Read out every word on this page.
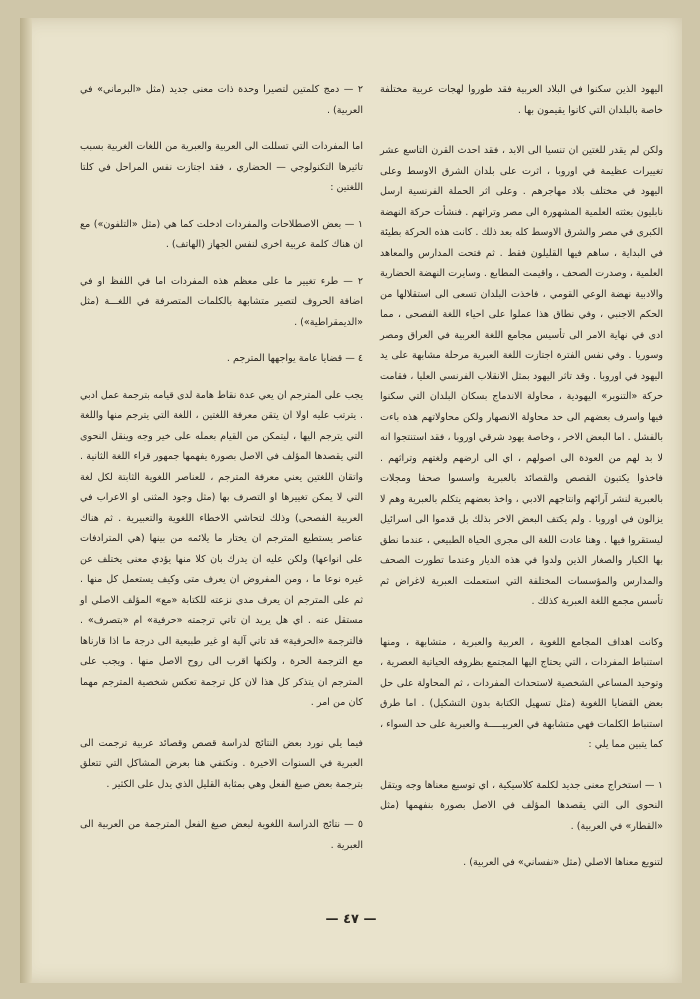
اليهود الذين سكنوا في البلاد العربية فقد طوروا لهجات عربية مختلفة خاصة بالبلدان التي كانوا يقيمون بها .

ولكن لم يقدر للغتين ان تنسيا الى الابد ، فقد احدث القرن التاسع عشر تغييرات عظيمة في اوروبا ، اثرت على بلدان الشرق الاوسط وعلى اليهود في مختلف بلاد مهاجرهم . وعلى اثر الحملة الفرنسية ارسل نابليون بعثته العلمية المشهورة الى مصر وتراثهم . فنشأت حركة النهضة الكبرى في مصر والشرق الاوسط كله بعد ذلك . كانت هذه الحركة بطيئة في البداية ، ساهم فيها القليلون فقط . ثم فتحت المدارس والمعاهد العلمية ، وصدرت الصحف ، واقيمت المطابع . وسايرت النهضة الحضارية والادبية نهضة الوعي القومي ، فاخذت البلدان تسعى الى استقلالها من الحكم الاجنبي ، وفي نطاق هذا عملوا على احياء اللغة الفصحى ، مما ادى في نهاية الامر الى تأسيس مجامع اللغة العربية في العراق ومصر وسوريا . وفي نفس الفترة اجتازت اللغة العبرية مرحلة مشابهة على يد اليهود في اوروبا . وقد تاثر اليهود بمثل الانقلاب الفرنسي العليا ، فقامت حركة «التنوير» اليهودية ، محاولة الاندماج بسكان البلدان التي سكنوا فيها واسرف بعضهم الى حد محاولة الانصهار ولكن محاولاتهم هذه باءت بالفشل . اما البعض الاخر ، وخاصة يهود شرقي اوروبا ، فقد استنتجوا انه لا بد لهم من العودة الى اصولهم ، اي الى ارضهم ولغتهم وتراثهم . فاخذوا يكتبون القصص والقصائد بالعبرية واسسوا صحفا ومجلات بالعبرية لنشر آرائهم وانتاجهم الادبي ، واخذ بعضهم يتكلم بالعبرية وهم لا يزالون في اوروبا . ولم يكتف البعض الاخر بذلك بل قدموا الى اسرائيل ليستقروا فيها . وهنا عادت اللغة الى مجرى الحياة الطبيعي ، عندما نطق بها الكبار والصغار الذين ولدوا في هذه الديار وعندما تطورت الصحف والمدارس والمؤسسات المختلفة التي استعملت العبرية لاغراض ثم تأسس مجمع اللغة العبرية كذلك .

وكانت اهداف المجامع اللغوية ، العربية والعبرية ، متشابهة ، ومنها استنباط المفردات ، التي يحتاج اليها المجتمع بظروفه الحياتية العصرية ، وتوحيد المساعي الشخصية لاستحداث المفردات ، ثم المحاولة على حل بعض القضايا اللغوية (مثل تسهيل الكتابة بدون التشكيل) . اما طرق استنباط الكلمات فهي متشابهة في العربيـــــة والعبرية على حد السواء ، كما يتبين مما يلي :

١ — استخراج معنى جديد لكلمة كلاسيكية ، اي توسيع معناها وجه ويتقل النحوى الى التي يقصدها المؤلف في الاصل بصورة بنفهمها (مثل «القطار» في العربية) .

لتنويع معناها الاصلي (مثل «نفساني» في العربية) .

٢ — دمج كلمتين لتصيرا وحدة ذات معنى جديد (مثل «البرماني» في العربية) .

اما المفردات التي تسللت الى العربية والعبرية من اللغات الغربية بسبب تاثيرها التكنولوجي — الحضاري ، فقد اجتازت نفس المراحل في كلتا اللغتين :

١ — بعض الاصطلاحات والمفردات ادخلت كما هي (مثل «التلفون») مع ان هناك كلمة عربية اخرى لنفس الجهاز (الهاتف) .

٢ — طرء تغيير ما على معظم هذه المفردات اما في اللفظ او في اضافة الحروف لتصير متشابهة بالكلمات المتصرفة في اللغـــة (مثل «الديمقراطية») .

٤ — قضايا عامة يواجهها المترجم .

يجب على المترجم ان يعي عدة نقاط هامة لدى قيامه بترجمة عمل ادبي . يترتب عليه اولا ان يتقن معرفة اللغتين ، اللغة التي يترجم منها واللغة التي يترجم اليها ، ليتمكن من القيام بعمله على خير وجه وينقل النحوى التي يقصدها المؤلف في الاصل بصورة يفهمها جمهور قراء اللغة الثانية . واتقان اللغتين يعني معرفة المترجم ، للعناصر اللغوية الثابتة لكل لغة التي لا يمكن تغييرها او التصرف بها (مثل وجود المثنى او الاعراب في العربية الفصحى) وذلك لتحاشي الاخطاء اللغوية والتعبيرية . ثم هناك عناصر يستطيع المترجم ان يختار ما يلائمه من بينها (هي المترادفات على انواعها) ولكن عليه ان يدرك بان كلا منها يؤدي معنى يختلف عن غيره نوعا ما ، ومن المفروض ان يعرف متى وكيف يستعمل كل منها . ثم على المترجم ان يعرف مدى نزعته للكتابة «مع» المؤلف الاصلي او مستقل عنه . اي هل يريد ان تاتي ترجمته «حرفية» ام «بتصرف» . فالترجمة «الحرفية» قد تاتي آلية او غير طبيعية الى درجة ما اذا قارناها مع الترجمة الحرة ، ولكنها اقرب الى روح الاصل منها . ويجب على المترجم ان يتذكر كل هذا لان كل ترجمة تعكس شخصية المترجم مهما كان من امر .

فيما يلي نورد بعض النتائج لدراسة قصص وقصائد عربية ترجمت الى العبرية في السنوات الاخيرة . ونكتفي هنا بعرض المشاكل التي تتعلق بترجمة بعض صيغ الفعل وهي بمثابة القليل الذي يدل على الكثير .

٥ — نتائج الدراسة اللغوية لبعض صيغ الفعل المترجمة من العربية الى العبرية .

— ٤٧ —
